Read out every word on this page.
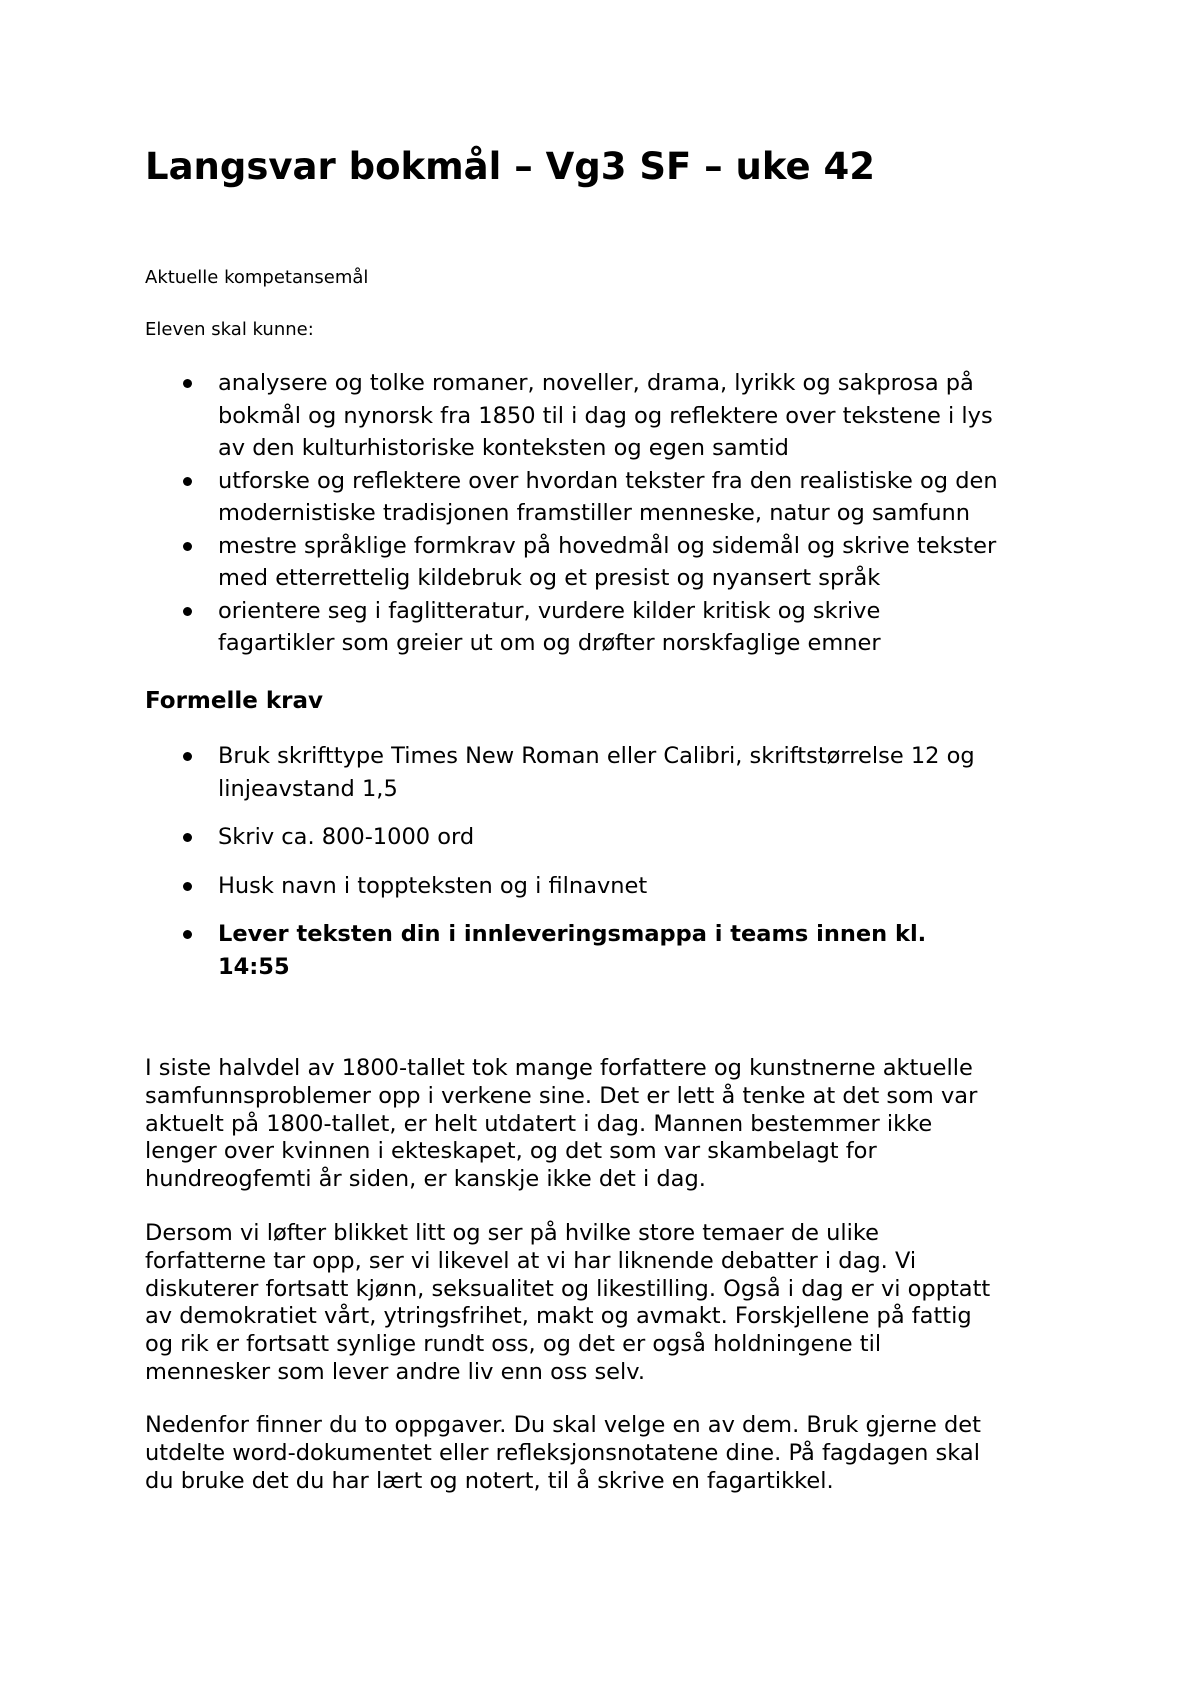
Langsvar bokmål – Vg3 SF – uke 42

Aktuelle kompetansemål

Eleven skal kunne:

analysere og tolke romaner, noveller, drama, lyrikk og sakprosa på
bokmål og nynorsk fra 1850 til i dag og reflektere over tekstene i lys
av den kulturhistoriske konteksten og egen samtid
utforske og reflektere over hvordan tekster fra den realistiske og den
modernistiske tradisjonen framstiller menneske, natur og samfunn
mestre språklige formkrav på hovedmål og sidemål og skrive tekster
med etterrettelig kildebruk og et presist og nyansert språk
orientere seg i faglitteratur, vurdere kilder kritisk og skrive
fagartikler som greier ut om og drøfter norskfaglige emner
Formelle krav
Bruk skrifttype Times New Roman eller Calibri, skriftstørrelse 12 og
linjeavstand 1,5
Skriv ca. 800-1000 ord
Husk navn i toppteksten og i filnavnet
Lever teksten din i innleveringsmappa i teams innen kl.
14:55

I siste halvdel av 1800-tallet tok mange forfattere og kunstnerne aktuelle
samfunnsproblemer opp i verkene sine. Det er lett å tenke at det som var
aktuelt på 1800-tallet, er helt utdatert i dag. Mannen bestemmer ikke
lenger over kvinnen i ekteskapet, og det som var skambelagt for
hundreogfemti år siden, er kanskje ikke det i dag.

Dersom vi løfter blikket litt og ser på hvilke store temaer de ulike
forfatterne tar opp, ser vi likevel at vi har liknende debatter i dag. Vi
diskuterer fortsatt kjønn, seksualitet og likestilling. Også i dag er vi opptatt
av demokratiet vårt, ytringsfrihet, makt og avmakt. Forskjellene på fattig
og rik er fortsatt synlige rundt oss, og det er også holdningene til
mennesker som lever andre liv enn oss selv.

Nedenfor finner du to oppgaver. Du skal velge en av dem. Bruk gjerne det
utdelte word-dokumentet eller refleksjonsnotatene dine. På fagdagen skal
du bruke det du har lært og notert, til å skrive en fagartikkel.
